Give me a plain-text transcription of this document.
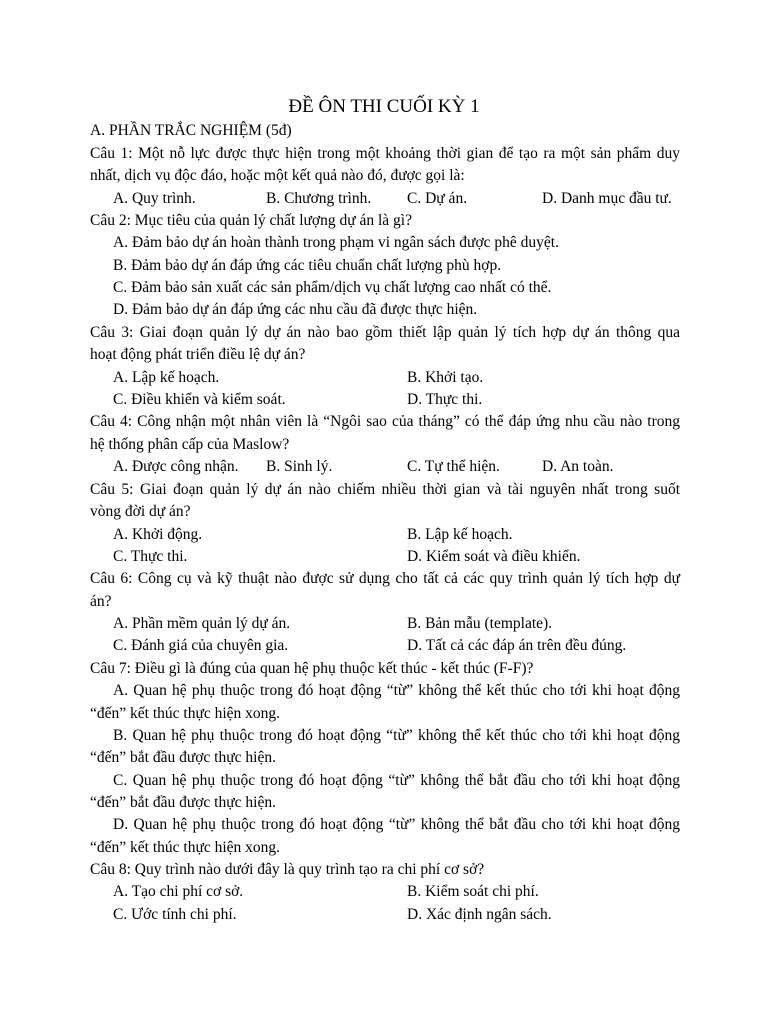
ĐỀ ÔN THI CUỐI KỲ 1
A. PHẦN TRẮC NGHIỆM (5đ)
Câu 1: Một nỗ lực được thực hiện trong một khoảng thời gian để tạo ra một sản phẩm duy
nhất, dịch vụ độc đáo, hoặc một kết quả nào đó, được gọi là:
A. Quy trình.	B. Chương trình. C. Dự án.	D. Danh mục đầu tư.
Câu 2: Mục tiêu của quản lý chất lượng dự án là gì?
A. Đảm bảo dự án hoàn thành trong phạm vi ngân sách được phê duyệt.
B. Đảm bảo dự án đáp ứng các tiêu chuẩn chất lượng phù hợp.
C. Đảm bảo sản xuất các sản phẩm/dịch vụ chất lượng cao nhất có thể.
D. Đảm bảo dự án đáp ứng các nhu cầu đã được thực hiện.
Câu 3: Giai đoạn quản lý dự án nào bao gồm thiết lập quản lý tích hợp dự án thông qua
hoạt động phát triển điều lệ dự án?
A. Lập kế hoạch.	B. Khởi tạo.
C. Điều khiển và kiểm soát.	D. Thực thi.
Câu 4: Công nhận một nhân viên là “Ngôi sao của tháng” có thể đáp ứng nhu cầu nào trong
hệ thống phân cấp của Maslow?
A. Được công nhận. B. Sinh lý.	C. Tự thể hiện.	D. An toàn.
Câu 5: Giai đoạn quản lý dự án nào chiếm nhiều thời gian và tài nguyên nhất trong suốt
vòng đời dự án?
A. Khởi động.	B. Lập kế hoạch.
C. Thực thi.	D. Kiểm soát và điều khiển.
Câu 6: Công cụ và kỹ thuật nào được sử dụng cho tất cả các quy trình quản lý tích hợp dự
án?
A. Phần mềm quản lý dự án.	B. Bản mẫu (template).
C. Đánh giá của chuyên gia.	D. Tất cả các đáp án trên đều đúng.
Câu 7: Điều gì là đúng của quan hệ phụ thuộc kết thúc - kết thúc (F-F)?
A. Quan hệ phụ thuộc trong đó hoạt động “từ” không thể kết thúc cho tới khi hoạt động
“đến” kết thúc thực hiện xong.
B. Quan hệ phụ thuộc trong đó hoạt động “từ” không thể kết thúc cho tới khi hoạt động
“đến” bắt đầu được thực hiện.
C. Quan hệ phụ thuộc trong đó hoạt động “từ” không thể bắt đầu cho tới khi hoạt động
“đến” bắt đầu được thực hiện.
D. Quan hệ phụ thuộc trong đó hoạt động “từ” không thể bắt đầu cho tới khi hoạt động
“đến” kết thúc thực hiện xong.
Câu 8: Quy trình nào dưới đây là quy trình tạo ra chi phí cơ sở?
A. Tạo chi phí cơ sở.	B. Kiểm soát chi phí.
C. Ước tính chi phí.	D. Xác định ngân sách.
